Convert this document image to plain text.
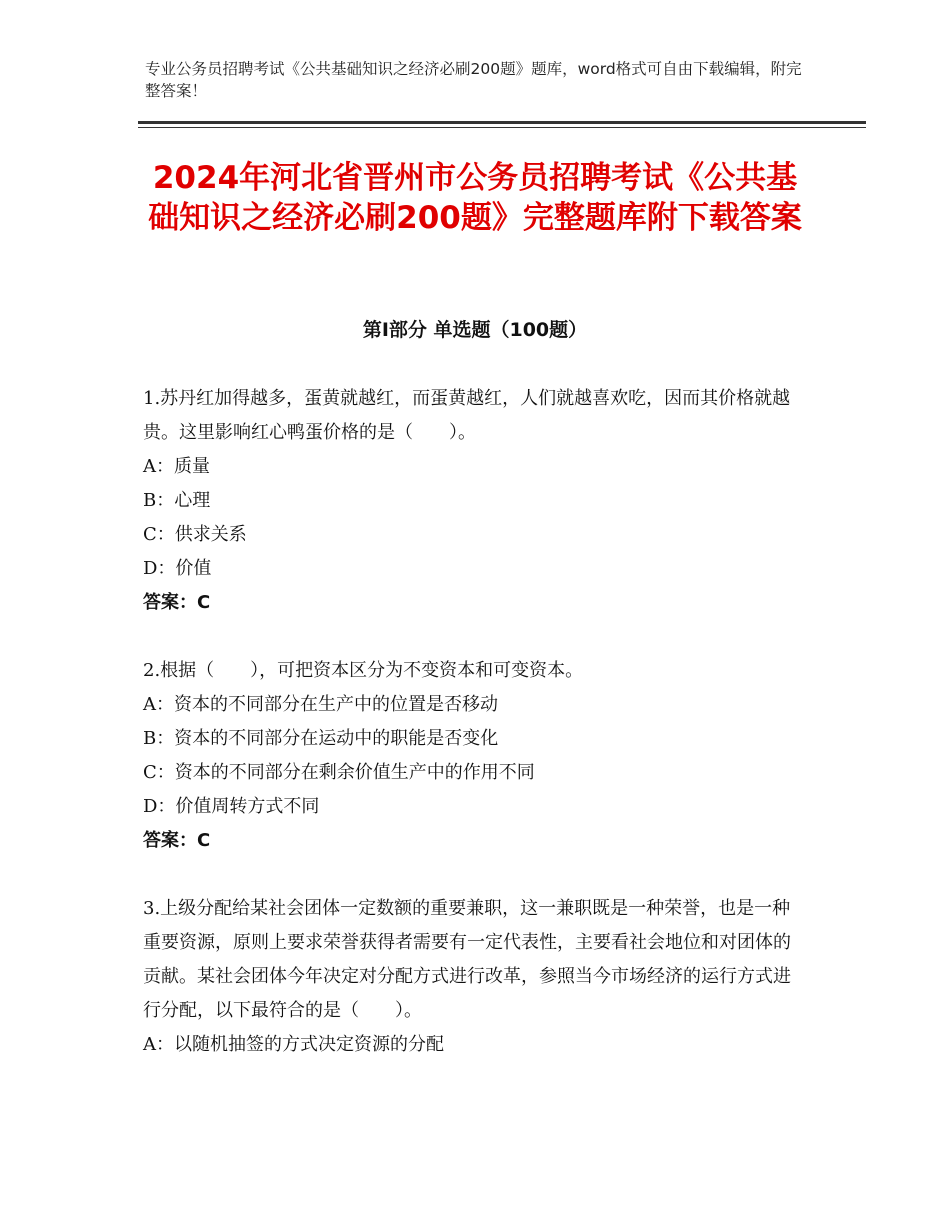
专业公务员招聘考试《公共基础知识之经济必刷200题》题库，word格式可自由下载编辑，附完整答案！
2024年河北省晋州市公务员招聘考试《公共基础知识之经济必刷200题》完整题库附下载答案
第Ⅰ部分 单选题（100题）

1.苏丹红加得越多，蛋黄就越红，而蛋黄越红，人们就越喜欢吃，因而其价格就越贵。这里影响红心鸭蛋价格的是（　　）。

A：质量

B：心理

C：供求关系

D：价值

答案：C

2.根据（　　），可把资本区分为不变资本和可变资本。

A：资本的不同部分在生产中的位置是否移动

B：资本的不同部分在运动中的职能是否变化

C：资本的不同部分在剩余价值生产中的作用不同

D：价值周转方式不同

答案：C

3.上级分配给某社会团体一定数额的重要兼职，这一兼职既是一种荣誉，也是一种重要资源，原则上要求荣誉获得者需要有一定代表性，主要看社会地位和对团体的贡献。某社会团体今年决定对分配方式进行改革，参照当今市场经济的运行方式进行分配，以下最符合的是（　　）。

A：以随机抽签的方式决定资源的分配
